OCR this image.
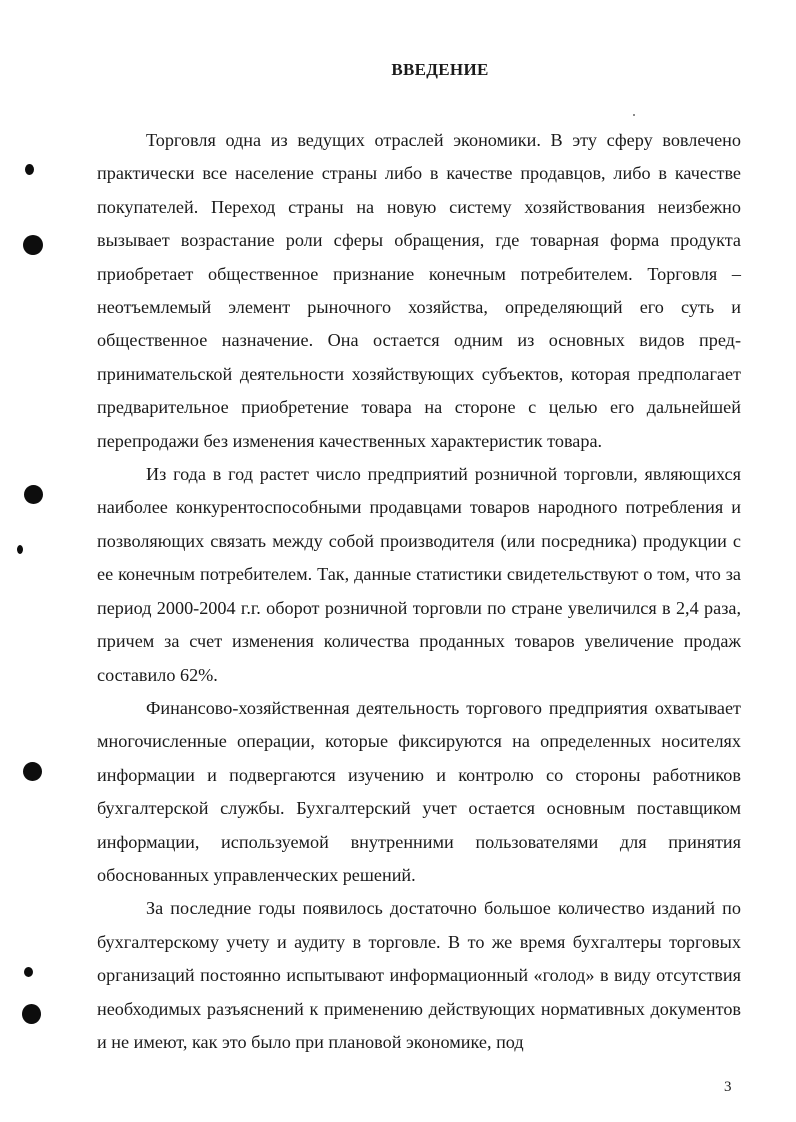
ВВЕДЕНИЕ

Торговля одна из ведущих отраслей экономики. В эту сферу вовлечено практически все население страны либо в качестве продавцов, либо в качестве покупателей. Переход страны на новую систему хозяйствования неизбежно вызывает возрастание роли сферы обращения, где товарная форма продукта приобретает общественное признание конечным потребителем. Торговля – неотъемлемый элемент рыночного хозяйства, определяющий его суть и общественное назначение. Она остается одним из основных видов предпринимательской деятельности хозяйствующих субъектов, которая предполагает предварительное приобретение товара на стороне с целью его дальнейшей перепродажи без изменения качественных характеристик товара.

Из года в год растет число предприятий розничной торговли, являющихся наиболее конкурентоспособными продавцами товаров народного потребления и позволяющих связать между собой производителя (или посредника) продукции с ее конечным потребителем. Так, данные статистики свидетельствуют о том, что за период 2000-2004 г.г. оборот розничной торговли по стране увеличился в 2,4 раза, причем за счет изменения количества проданных товаров увеличение продаж составило 62%.

Финансово-хозяйственная деятельность торгового предприятия охватывает многочисленные операции, которые фиксируются на определенных носителях информации и подвергаются изучению и контролю со стороны работников бухгалтерской службы. Бухгалтерский учет остается основным поставщиком информации, используемой внутренними пользователями для принятия обоснованных управленческих решений.

За последние годы появилось достаточно большое количество изданий по бухгалтерскому учету и аудиту в торговле. В то же время бухгалтеры торговых организаций постоянно испытывают информационный «голод» в виду отсутствия необходимых разъяснений к применению действующих нормативных документов и не имеют, как это было при плановой экономике, под

3
